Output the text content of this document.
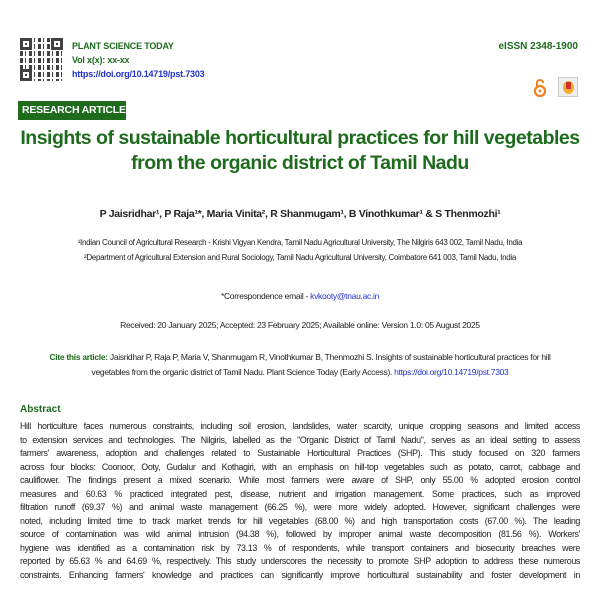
PLANT SCIENCE TODAY
Vol x(x): xx-xx
https://doi.org/10.14719/pst.7303
eISSN 2348-1900
RESEARCH ARTICLE
Insights of sustainable horticultural practices for hill vegetables
from the organic district of Tamil Nadu
P Jaisridhar¹, P Raja¹*, Maria Vinita², R Shanmugam¹, B Vinothkumar¹ & S Thenmozhi¹
¹Indian Council of Agricultural Research - Krishi Vigyan Kendra, Tamil Nadu Agricultural University, The Nilgiris 643 002, Tamil Nadu, India
²Department of Agricultural Extension and Rural Sociology, Tamil Nadu Agricultural University, Coimbatore 641 003, Tamil Nadu, India
*Correspondence email - kvkooty@tnau.ac.in
Received: 20 January 2025; Accepted: 23 February 2025; Available online: Version 1.0: 05 August 2025
Cite this article: Jaisridhar P, Raja P, Maria V, Shanmugam R, Vinothkumar B, Thenmozhi S. Insights of sustainable horticultural practices for hill vegetables from the organic district of Tamil Nadu. Plant Science Today (Early Access). https://doi.org/10.14719/pst.7303
Abstract
Hill horticulture faces numerous constraints, including soil erosion, landslides, water scarcity, unique cropping seasons and limited access
to extension services and technologies. The Nilgiris, labelled as the "Organic District of Tamil Nadu", serves as an ideal setting to assess
farmers' awareness, adoption and challenges related to Sustainable Horticultural Practices (SHP). This study focused on 320 farmers
across four blocks: Coonoor, Ooty, Gudalur and Kothagiri, with an emphasis on hill-top vegetables such as potato, carrot, cabbage and
cauliflower. The findings present a mixed scenario. While most farmers were aware of SHP, only 55.00 % adopted erosion control
measures and 60.63 % practiced integrated pest, disease, nutrient and irrigation management. Some practices, such as improved
filtration runoff (69.37 %) and animal waste management (66.25 %), were more widely adopted. However, significant challenges were
noted, including limited time to track market trends for hill vegetables (68.00 %) and high transportation costs (67.00 %). The leading
source of contamination was wild animal intrusion (94.38 %), followed by improper animal waste decomposition (81.56 %). Workers'
hygiene was identified as a contamination risk by 73.13 % of respondents, while transport containers and biosecurity breaches were
reported by 65.63 % and 64.69 %, respectively. This study underscores the necessity to promote SHP adoption to address these numerous
constraints. Enhancing farmers' knowledge and practices can significantly improve horticultural sustainability and foster development in
